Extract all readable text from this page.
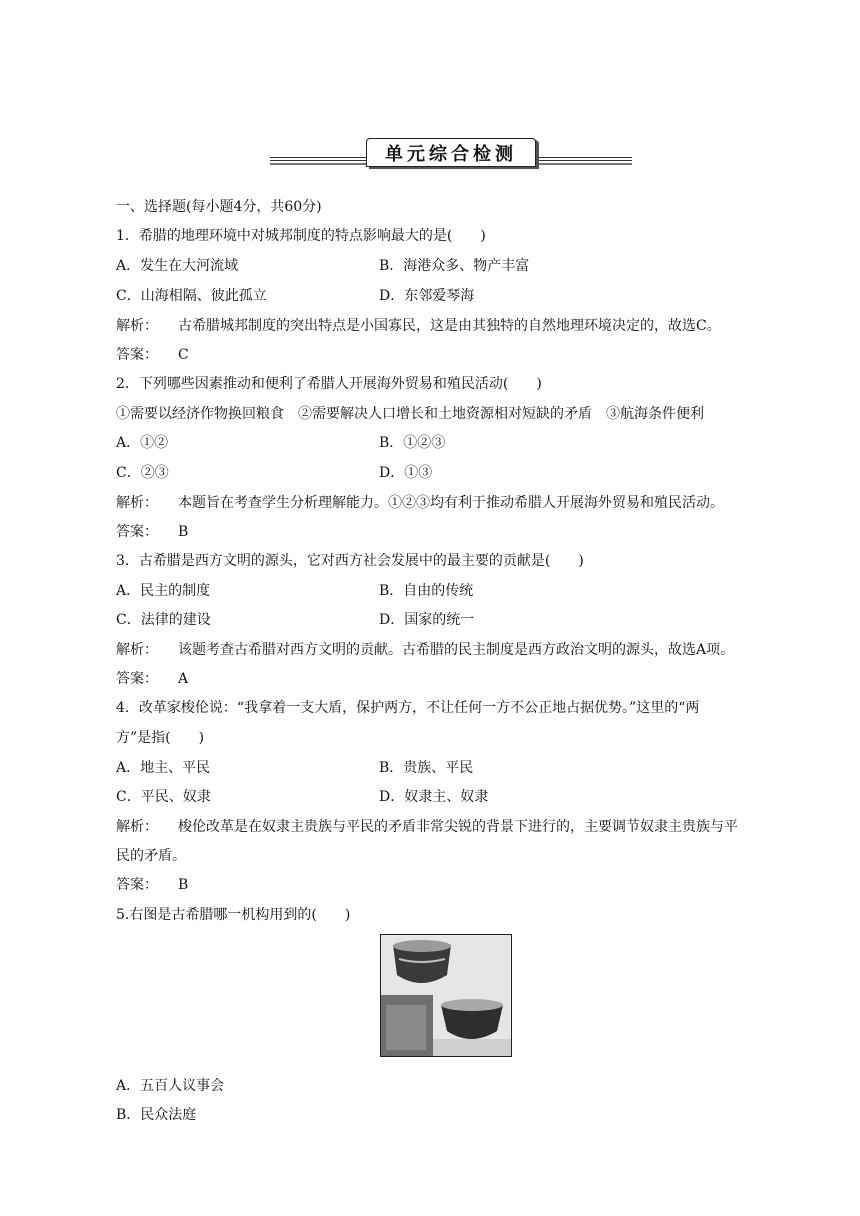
单元综合检测
一、选择题(每小题4分，共60分)
1．希腊的地理环境中对城邦制度的特点影响最大的是(　　)
A．发生在大河流域	B．海港众多、物产丰富
C．山海相隔、彼此孤立	D．东邻爱琴海
解析： 古希腊城邦制度的突出特点是小国寡民，这是由其独特的自然地理环境决定的，故选C。
答案： C
2．下列哪些因素推动和便利了希腊人开展海外贸易和殖民活动(　　)
①需要以经济作物换回粮食　②需要解决人口增长和土地资源相对短缺的矛盾　③航海条件便利
A．①②	B．①②③
C．②③	D．①③
解析： 本题旨在考查学生分析理解能力。①②③均有利于推动希腊人开展海外贸易和殖民活动。
答案： B
3．古希腊是西方文明的源头，它对西方社会发展中的最主要的贡献是(　　)
A．民主的制度	B．自由的传统
C．法律的建设	D．国家的统一
解析： 该题考查古希腊对西方文明的贡献。古希腊的民主制度是西方政治文明的源头，故选A项。
答案： A
4．改革家梭伦说：“我拿着一支大盾，保护两方，不让任何一方不公正地占据优势。”这里的“两
方”是指(　　)
A．地主、平民	B．贵族、平民
C．平民、奴隶	D．奴隶主、奴隶
解析： 梭伦改革是在奴隶主贵族与平民的矛盾非常尖锐的背景下进行的，主要调节奴隶主贵族与平
民的矛盾。
答案： B
5.右图是古希腊哪一机构用到的(　　)
A．五百人议事会
B．民众法庭
